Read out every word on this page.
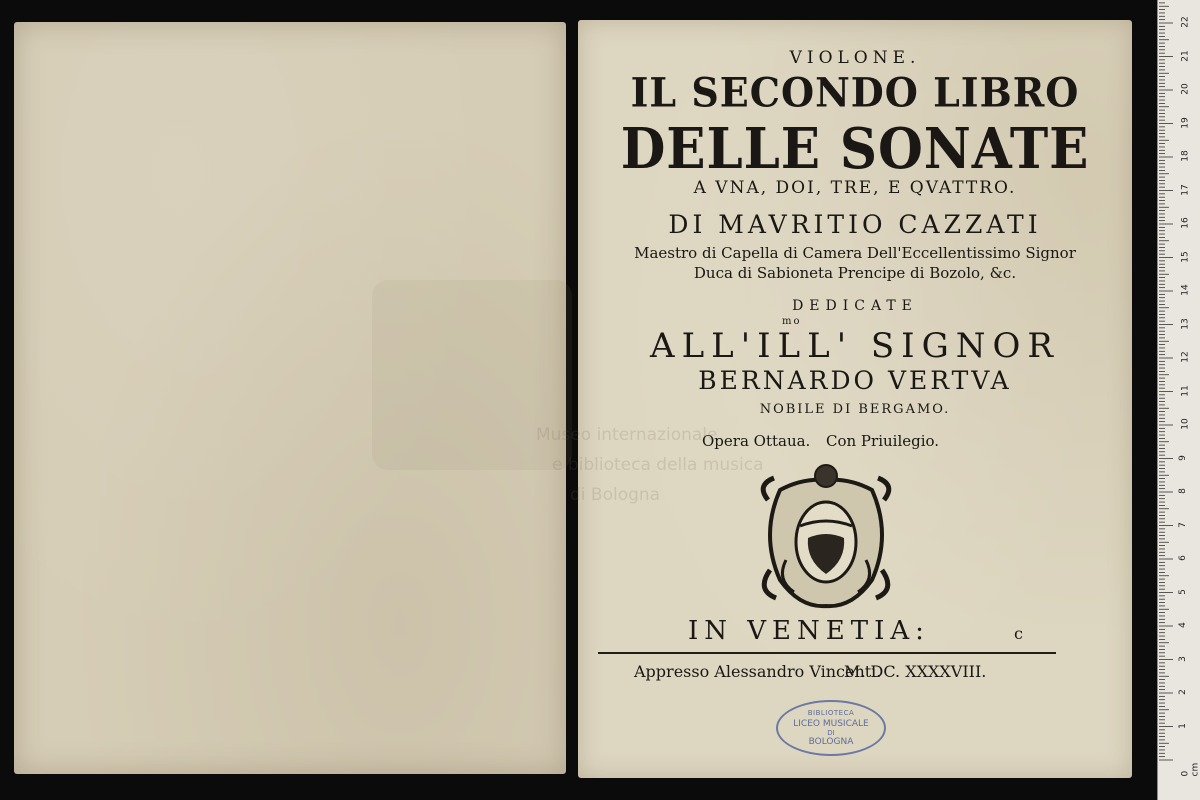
VIOLONE.
IL SECONDO LIBRO
DELLE SONATE
A VNA, DOI, TRE, E QVATTRO.
DI MAVRITIO CAZZATI
Maestro di Capella di Camera Dell'Eccellentissimo Signor
Duca di Sabioneta Prencipe di Bozolo, &c.
DEDICATE
mo
ALL'ILL' SIGNOR
BERNARDO VERTVA
NOBILE DI BERGAMO.
Opera Ottaua. Con Priuilegio.
IN VENETIA:	c
Appresso Alessandro Vincenti.
M. DC. XXXXVIII.
BIBLIOTECA
LICEO MUSICALE
DI
BOLOGNA
Museo internazionale
e biblioteca della musica
di Bologna
1
2
3
4
5
6
7
8
9
10
11
12
13
14
15
16
17
18
19
20
21
22
0 cm
